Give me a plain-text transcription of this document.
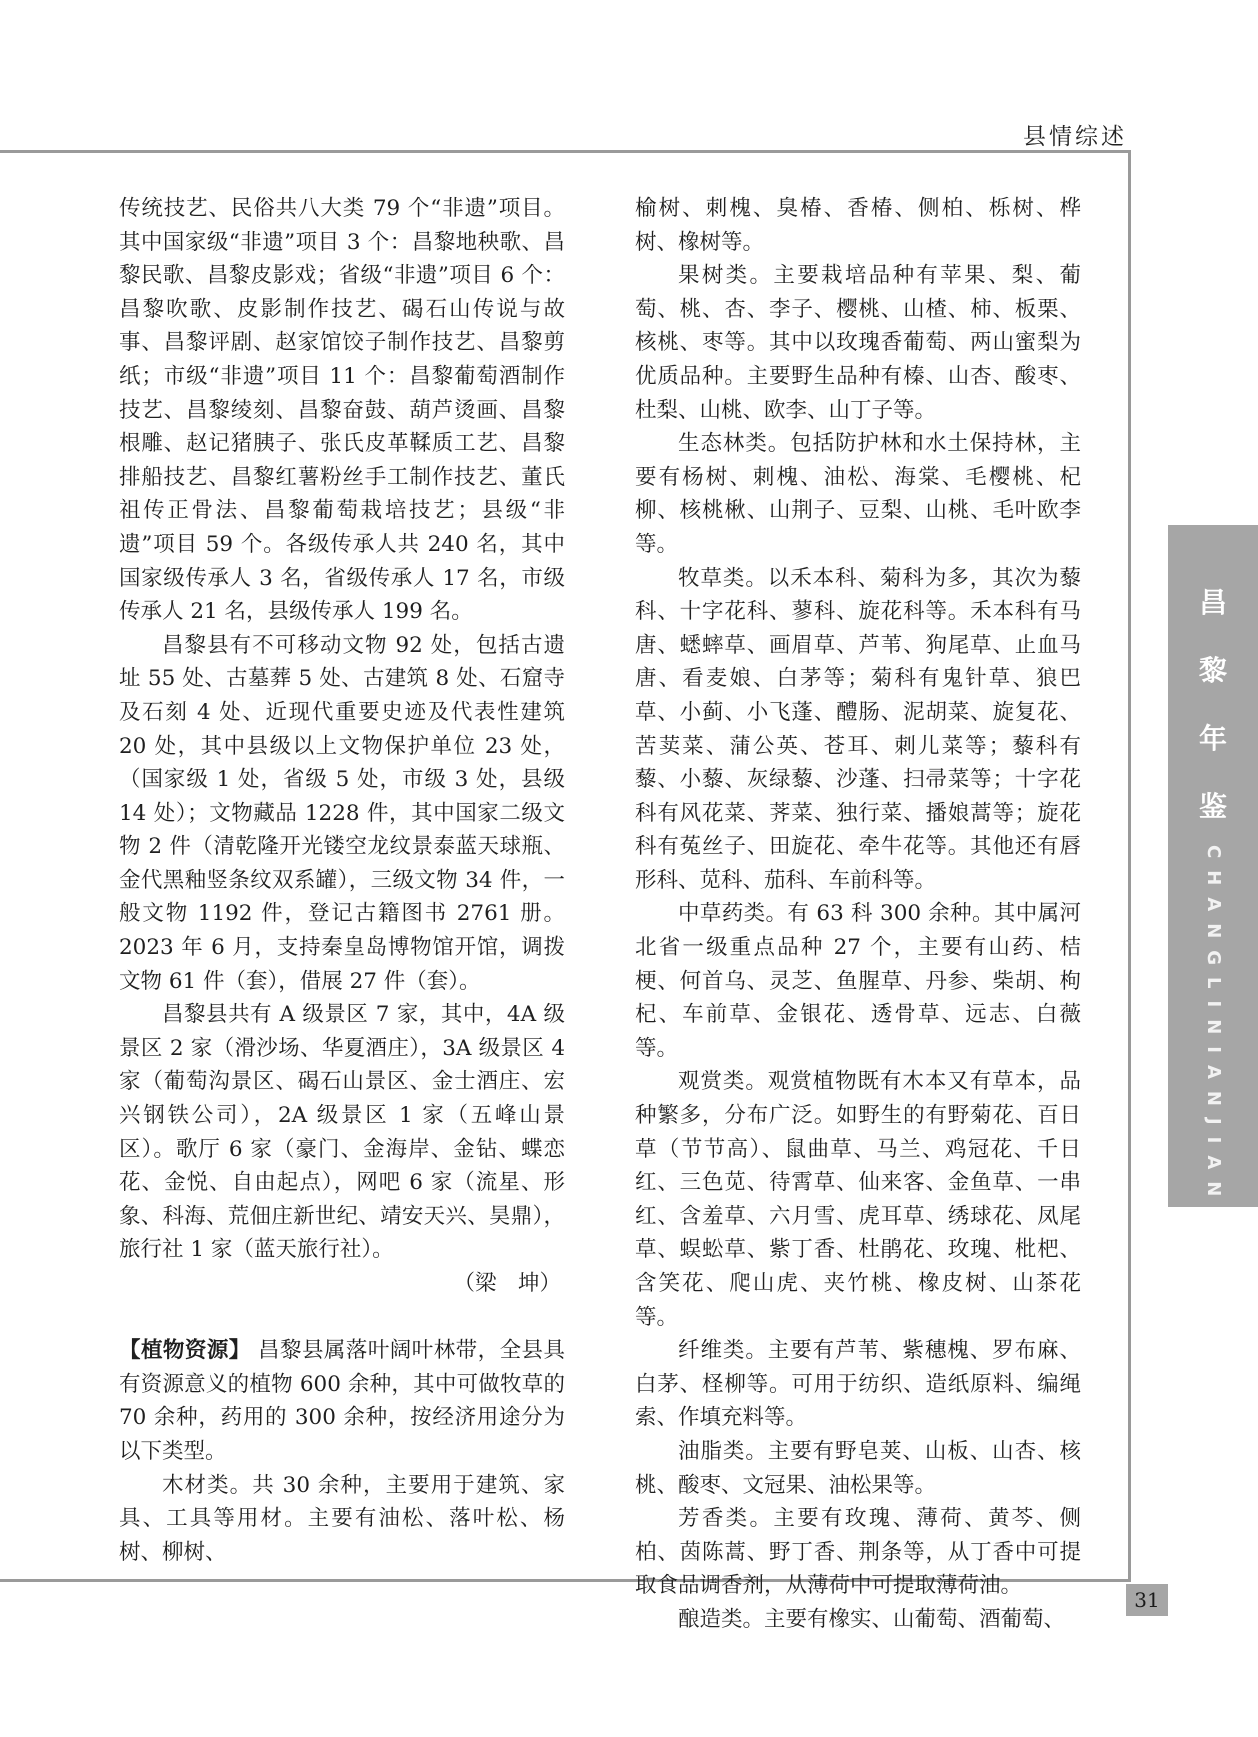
县情综述

传统技艺、民俗共八大类 79 个“非遗”项目。其中国家级“非遗”项目 3 个：昌黎地秧歌、昌黎民歌、昌黎皮影戏；省级“非遗”项目 6 个：昌黎吹歌、皮影制作技艺、碣石山传说与故事、昌黎评剧、赵家馆饺子制作技艺、昌黎剪纸；市级“非遗”项目 11 个：昌黎葡萄酒制作技艺、昌黎绫刻、昌黎奋鼓、葫芦烫画、昌黎根雕、赵记猪胰子、张氏皮革鞣质工艺、昌黎排船技艺、昌黎红薯粉丝手工制作技艺、董氏祖传正骨法、昌黎葡萄栽培技艺；县级“非遗”项目 59 个。各级传承人共 240 名，其中国家级传承人 3 名，省级传承人 17 名，市级传承人 21 名，县级传承人 199 名。

昌黎县有不可移动文物 92 处，包括古遗址 55 处、古墓葬 5 处、古建筑 8 处、石窟寺及石刻 4 处、近现代重要史迹及代表性建筑 20 处，其中县级以上文物保护单位 23 处，（国家级 1 处，省级 5 处，市级 3 处，县级 14 处）；文物藏品 1228 件，其中国家二级文物 2 件（清乾隆开光镂空龙纹景泰蓝天球瓶、金代黑釉竖条纹双系罐），三级文物 34 件，一般文物 1192 件，登记古籍图书 2761 册。2023 年 6 月，支持秦皇岛博物馆开馆，调拨文物 61 件（套），借展 27 件（套）。

昌黎县共有 A 级景区 7 家，其中，4A 级景区 2 家（滑沙场、华夏酒庄），3A 级景区 4 家（葡萄沟景区、碣石山景区、金士酒庄、宏兴钢铁公司），2A 级景区 1 家（五峰山景区）。歌厅 6 家（豪门、金海岸、金钻、蝶恋花、金悦、自由起点），网吧 6 家（流星、形象、科海、荒佃庄新世纪、靖安天兴、昊鼎），旅行社 1 家（蓝天旅行社）。

（梁　坤）

【植物资源】 昌黎县属落叶阔叶林带，全县具有资源意义的植物 600 余种，其中可做牧草的 70 余种，药用的 300 余种，按经济用途分为以下类型。

木材类。共 30 余种，主要用于建筑、家具、工具等用材。主要有油松、落叶松、杨树、柳树、

榆树、刺槐、臭椿、香椿、侧柏、栎树、桦树、橡树等。

果树类。主要栽培品种有苹果、梨、葡萄、桃、杏、李子、樱桃、山楂、柿、板栗、核桃、枣等。其中以玫瑰香葡萄、两山蜜梨为优质品种。主要野生品种有榛、山杏、酸枣、杜梨、山桃、欧李、山丁子等。

生态林类。包括防护林和水土保持林，主要有杨树、刺槐、油松、海棠、毛樱桃、杞柳、核桃楸、山荆子、豆梨、山桃、毛叶欧李等。

牧草类。以禾本科、菊科为多，其次为藜科、十字花科、蓼科、旋花科等。禾本科有马唐、蟋蟀草、画眉草、芦苇、狗尾草、止血马唐、看麦娘、白茅等；菊科有鬼针草、狼巴草、小蓟、小飞蓬、醴肠、泥胡菜、旋复花、苦荬菜、蒲公英、苍耳、刺儿菜等；藜科有藜、小藜、灰绿藜、沙蓬、扫帚菜等；十字花科有风花菜、荠菜、独行菜、播娘蒿等；旋花科有菟丝子、田旋花、牵牛花等。其他还有唇形科、苋科、茄科、车前科等。

中草药类。有 63 科 300 余种。其中属河北省一级重点品种 27 个，主要有山药、桔梗、何首乌、灵芝、鱼腥草、丹参、柴胡、枸杞、车前草、金银花、透骨草、远志、白薇等。

观赏类。观赏植物既有木本又有草本，品种繁多，分布广泛。如野生的有野菊花、百日草（节节高）、鼠曲草、马兰、鸡冠花、千日红、三色苋、待霄草、仙来客、金鱼草、一串红、含羞草、六月雪、虎耳草、绣球花、凤尾草、蜈蚣草、紫丁香、杜鹃花、玫瑰、枇杷、含笑花、爬山虎、夹竹桃、橡皮树、山茶花等。

纤维类。主要有芦苇、紫穗槐、罗布麻、白茅、柽柳等。可用于纺织、造纸原料、编绳索、作填充料等。

油脂类。主要有野皂荚、山板、山杏、核桃、酸枣、文冠果、油松果等。

芳香类。主要有玫瑰、薄荷、黄芩、侧柏、茵陈蒿、野丁香、荆条等，从丁香中可提取食品调香剂，从薄荷中可提取薄荷油。

酿造类。主要有橡实、山葡萄、酒葡萄、

昌
黎
年
鉴
CHANGLINIANJIAN
31
